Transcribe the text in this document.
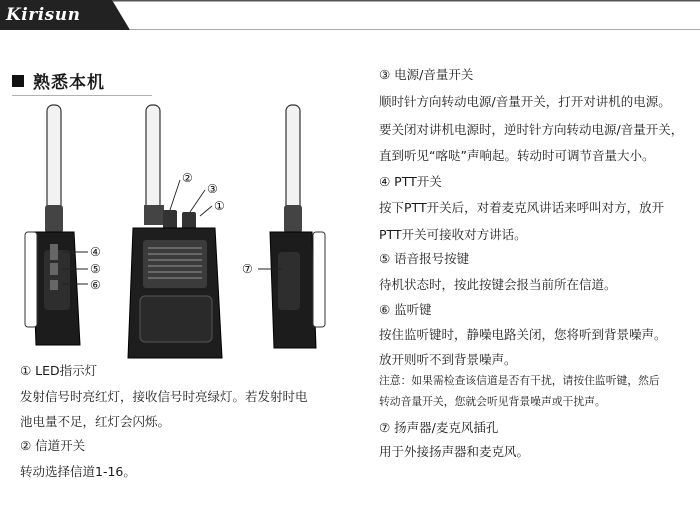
Kirisun
熟悉本机
②
③
①
④
⑤
⑥
⑦
① LED指示灯
发射信号时亮红灯，接收信号时亮绿灯。若发射时电
池电量不足，红灯会闪烁。
② 信道开关
转动选择信道1-16。
③ 电源/音量开关
顺时针方向转动电源/音量开关，打开对讲机的电源。
要关闭对讲机电源时，逆时针方向转动电源/音量开关，
直到听见“喀哒”声响起。转动时可调节音量大小。
④ PTT开关
按下PTT开关后，对着麦克风讲话来呼叫对方，放开
PTT开关可接收对方讲话。
⑤ 语音报号按键
待机状态时，按此按键会报当前所在信道。
⑥ 监听键
按住监听键时，静噪电路关闭，您将听到背景噪声。
放开则听不到背景噪声。
注意：如果需检查该信道是否有干扰，请按住监听键，然后
转动音量开关，您就会听见背景噪声或干扰声。
⑦ 扬声器/麦克风插孔
用于外接扬声器和麦克风。
